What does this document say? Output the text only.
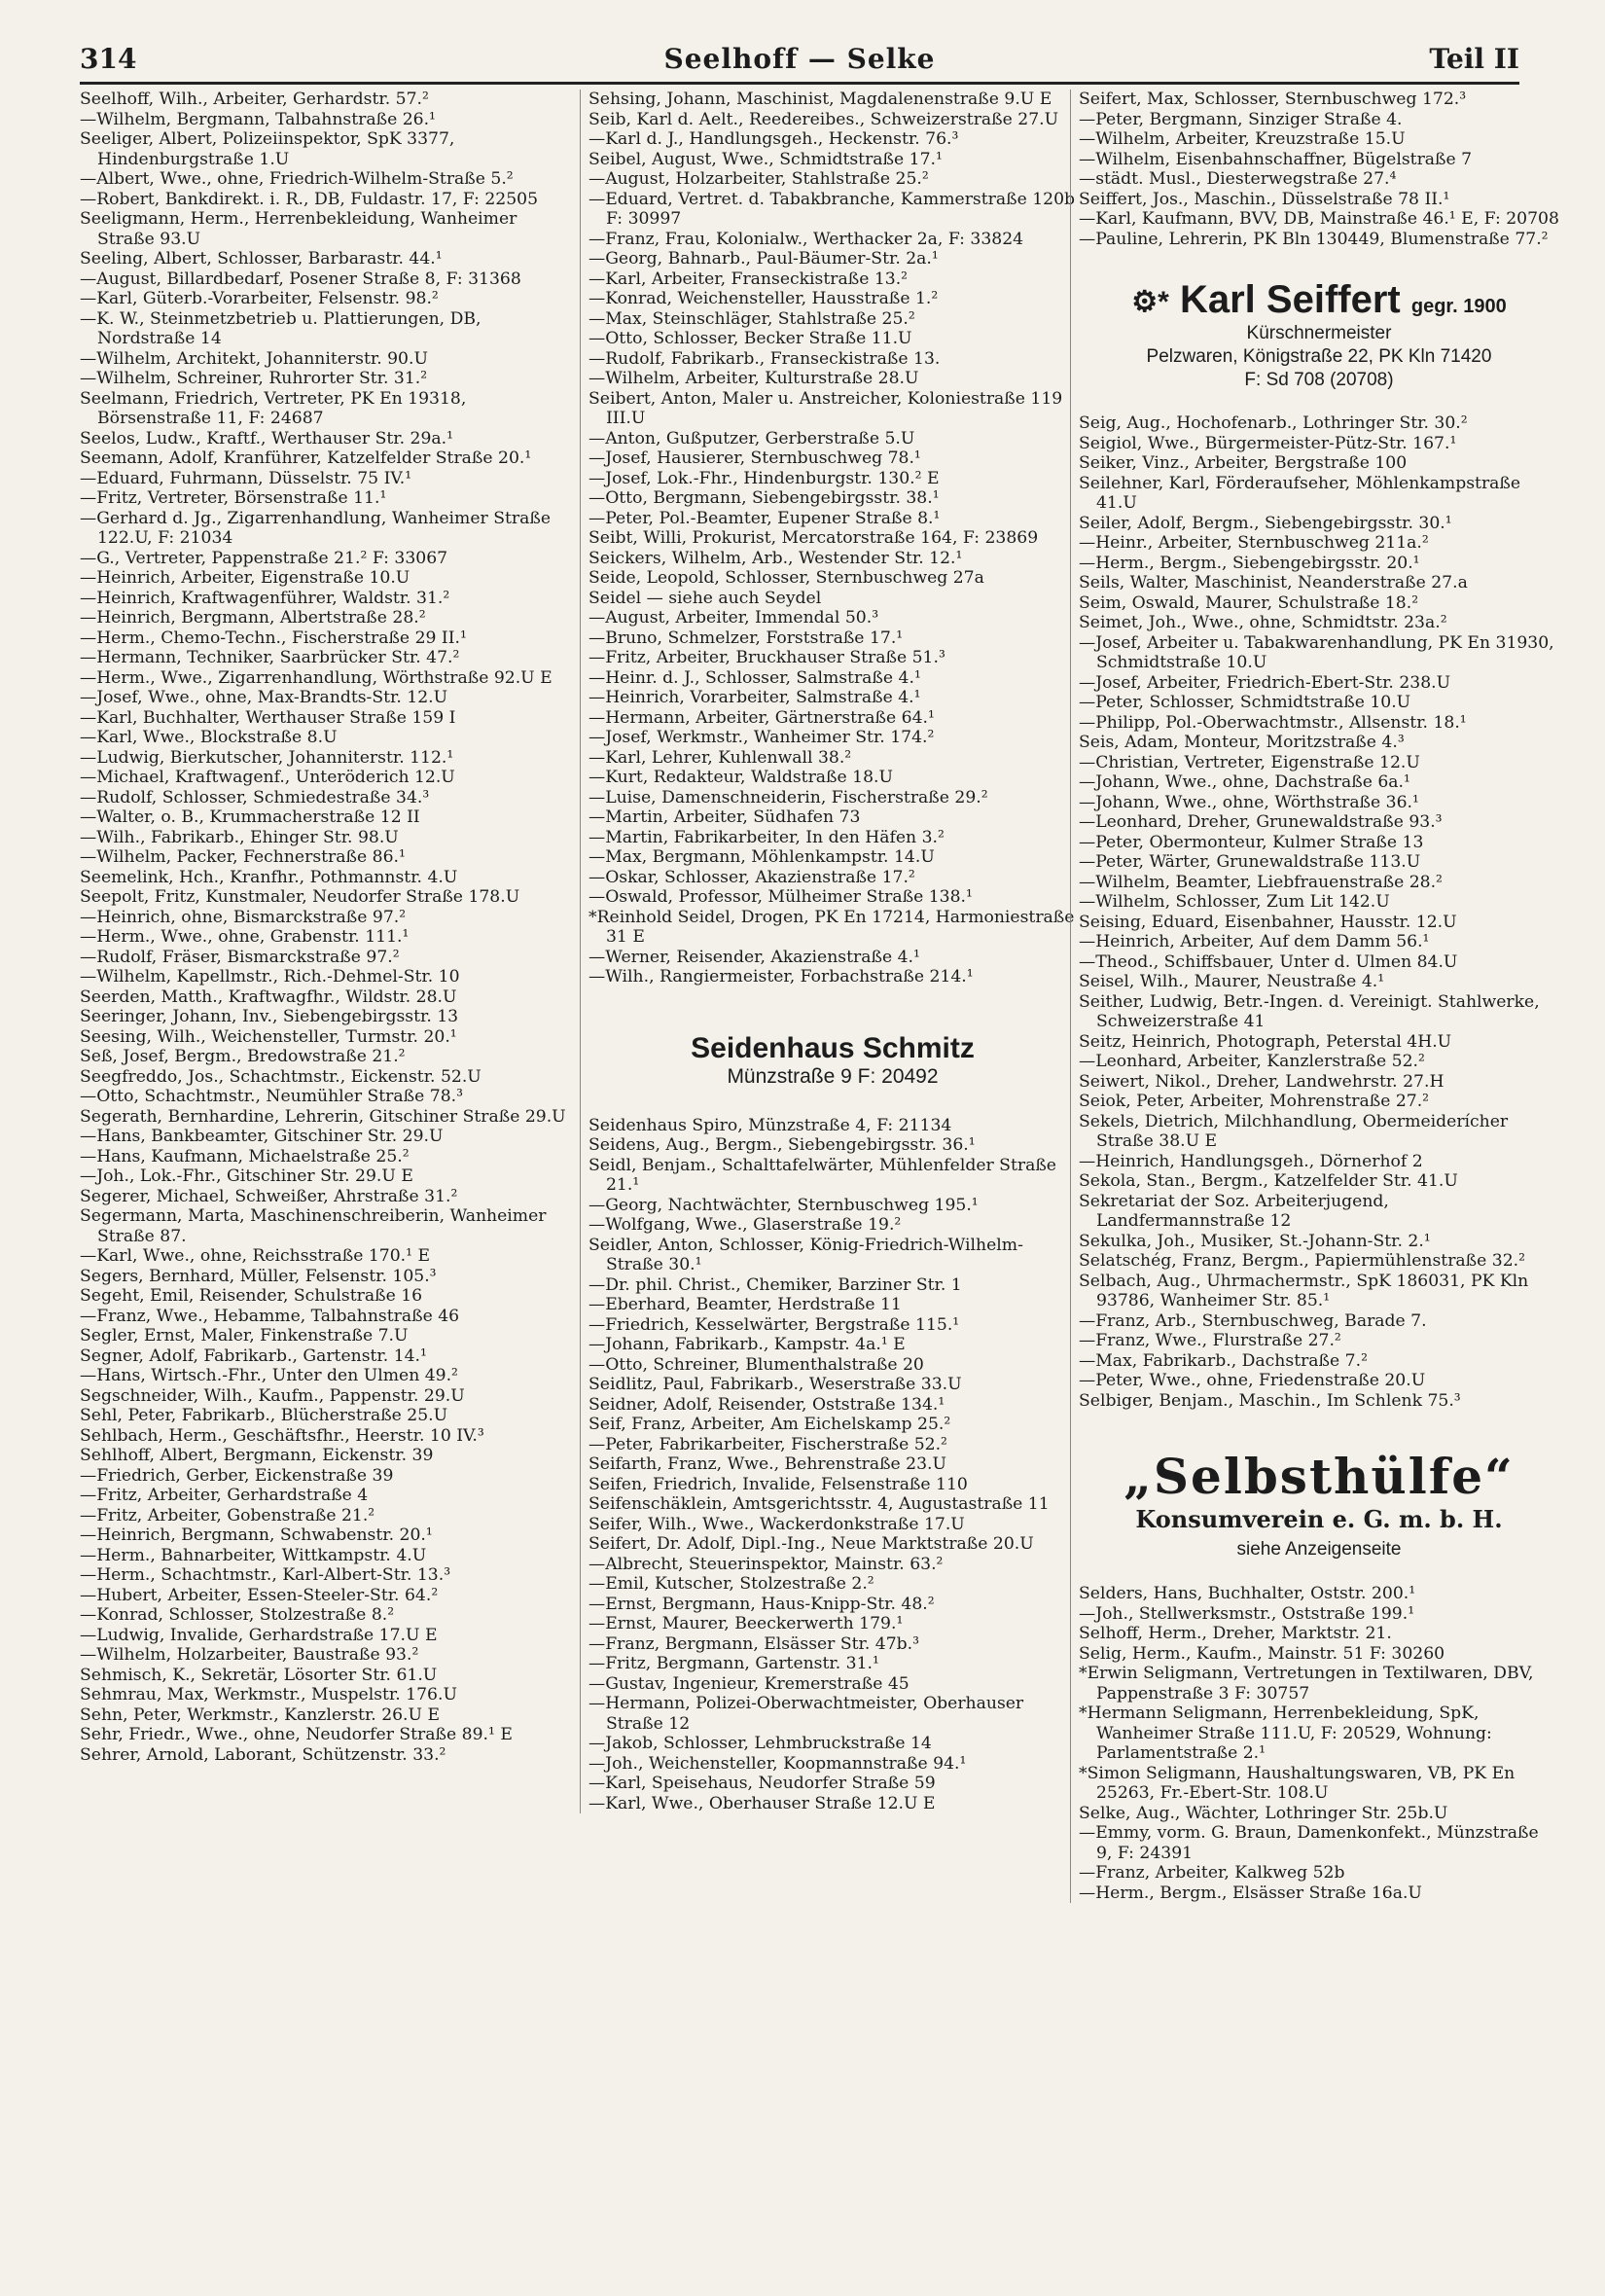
314	Seelhoff — Selke	Teil II

Seelhoff, Wilh., Arbeiter, Gerhardstr. 57.²

—Wilhelm, Bergmann, Talbahnstraße 26.¹

Seeliger, Albert, Polizeiinspektor, SpK 3377, Hindenburgstraße 1.U

—Albert, Wwe., ohne, Friedrich-Wilhelm-Straße 5.²

—Robert, Bankdirekt. i. R., DB, Fuldastr. 17, F: 22505

Seeligmann, Herm., Herrenbekleidung, Wanheimer Straße 93.U

Seeling, Albert, Schlosser, Barbarastr. 44.¹

—August, Billardbedarf, Posener Straße 8, F: 31368

—Karl, Güterb.-Vorarbeiter, Felsenstr. 98.²

—K. W., Steinmetzbetrieb u. Plattierungen, DB, Nordstraße 14

—Wilhelm, Architekt, Johanniterstr. 90.U

—Wilhelm, Schreiner, Ruhrorter Str. 31.²

Seelmann, Friedrich, Vertreter, PK En 19318, Börsenstraße 11, F: 24687

Seelos, Ludw., Kraftf., Werthauser Str. 29a.¹

Seemann, Adolf, Kranführer, Katzelfelder Straße 20.¹

—Eduard, Fuhrmann, Düsselstr. 75 IV.¹

—Fritz, Vertreter, Börsenstraße 11.¹

—Gerhard d. Jg., Zigarrenhandlung, Wanheimer Straße 122.U, F: 21034

—G., Vertreter, Pappenstraße 21.² F: 33067

—Heinrich, Arbeiter, Eigenstraße 10.U

—Heinrich, Kraftwagenführer, Waldstr. 31.²

—Heinrich, Bergmann, Albertstraße 28.²

—Herm., Chemo-Techn., Fischerstraße 29 II.¹

—Hermann, Techniker, Saarbrücker Str. 47.²

—Herm., Wwe., Zigarrenhandlung, Wörthstraße 92.U E

—Josef, Wwe., ohne, Max-Brandts-Str. 12.U

—Karl, Buchhalter, Werthauser Straße 159 I

—Karl, Wwe., Blockstraße 8.U

—Ludwig, Bierkutscher, Johanniterstr. 112.¹

—Michael, Kraftwagenf., Unteröderich 12.U

—Rudolf, Schlosser, Schmiedestraße 34.³

—Walter, o. B., Krummacherstraße 12 II

—Wilh., Fabrikarb., Ehinger Str. 98.U

—Wilhelm, Packer, Fechnerstraße 86.¹

Seemelink, Hch., Kranfhr., Pothmannstr. 4.U

Seepolt, Fritz, Kunstmaler, Neudorfer Straße 178.U

—Heinrich, ohne, Bismarckstraße 97.²

—Herm., Wwe., ohne, Grabenstr. 111.¹

—Rudolf, Fräser, Bismarckstraße 97.²

—Wilhelm, Kapellmstr., Rich.-Dehmel-Str. 10

Seerden, Matth., Kraftwagfhr., Wildstr. 28.U

Seeringer, Johann, Inv., Siebengebirgsstr. 13

Seesing, Wilh., Weichensteller, Turmstr. 20.¹

Seß, Josef, Bergm., Bredowstraße 21.²

Seegfreddo, Jos., Schachtmstr., Eickenstr. 52.U

—Otto, Schachtmstr., Neumühler Straße 78.³

Segerath, Bernhardine, Lehrerin, Gitschiner Straße 29.U

—Hans, Bankbeamter, Gitschiner Str. 29.U

—Hans, Kaufmann, Michaelstraße 25.²

—Joh., Lok.-Fhr., Gitschiner Str. 29.U E

Segerer, Michael, Schweißer, Ahrstraße 31.²

Segermann, Marta, Maschinenschreiberin, Wanheimer Straße 87.

—Karl, Wwe., ohne, Reichsstraße 170.¹ E

Segers, Bernhard, Müller, Felsenstr. 105.³

Segeht, Emil, Reisender, Schulstraße 16

—Franz, Wwe., Hebamme, Talbahnstraße 46

Segler, Ernst, Maler, Finkenstraße 7.U

Segner, Adolf, Fabrikarb., Gartenstr. 14.¹

—Hans, Wirtsch.-Fhr., Unter den Ulmen 49.²

Segschneider, Wilh., Kaufm., Pappenstr. 29.U

Sehl, Peter, Fabrikarb., Blücherstraße 25.U

Sehlbach, Herm., Geschäftsfhr., Heerstr. 10 IV.³

Sehlhoff, Albert, Bergmann, Eickenstr. 39

—Friedrich, Gerber, Eickenstraße 39

—Fritz, Arbeiter, Gerhardstraße 4

—Fritz, Arbeiter, Gobenstraße 21.²

—Heinrich, Bergmann, Schwabenstr. 20.¹

—Herm., Bahnarbeiter, Wittkampstr. 4.U

—Herm., Schachtmstr., Karl-Albert-Str. 13.³

—Hubert, Arbeiter, Essen-Steeler-Str. 64.²

—Konrad, Schlosser, Stolzestraße 8.²

—Ludwig, Invalide, Gerhardstraße 17.U E

—Wilhelm, Holzarbeiter, Baustraße 93.²

Sehmisch, K., Sekretär, Lösorter Str. 61.U

Sehmrau, Max, Werkmstr., Muspelstr. 176.U

Sehn, Peter, Werkmstr., Kanzlerstr. 26.U E

Sehr, Friedr., Wwe., ohne, Neudorfer Straße 89.¹ E

Sehrer, Arnold, Laborant, Schützenstr. 33.²

Sehsing, Johann, Maschinist, Magdalenenstraße 9.U E

Seib, Karl d. Aelt., Reedereibes., Schweizerstraße 27.U

—Karl d. J., Handlungsgeh., Heckenstr. 76.³

Seibel, August, Wwe., Schmidtstraße 17.¹

—August, Holzarbeiter, Stahlstraße 25.²

—Eduard, Vertret. d. Tabakbranche, Kammerstraße 120b F: 30997

—Franz, Frau, Kolonialw., Werthacker 2a, F: 33824

—Georg, Bahnarb., Paul-Bäumer-Str. 2a.¹

—Karl, Arbeiter, Franseckistraße 13.²

—Konrad, Weichensteller, Hausstraße 1.²

—Max, Steinschläger, Stahlstraße 25.²

—Otto, Schlosser, Becker Straße 11.U

—Rudolf, Fabrikarb., Franseckistraße 13.

—Wilhelm, Arbeiter, Kulturstraße 28.U

Seibert, Anton, Maler u. Anstreicher, Koloniestraße 119 III.U

—Anton, Gußputzer, Gerberstraße 5.U

—Josef, Hausierer, Sternbuschweg 78.¹

—Josef, Lok.-Fhr., Hindenburgstr. 130.² E

—Otto, Bergmann, Siebengebirgsstr. 38.¹

—Peter, Pol.-Beamter, Eupener Straße 8.¹

Seibt, Willi, Prokurist, Mercatorstraße 164, F: 23869

Seickers, Wilhelm, Arb., Westender Str. 12.¹

Seide, Leopold, Schlosser, Sternbuschweg 27a

Seidel — siehe auch Seydel

—August, Arbeiter, Immendal 50.³

—Bruno, Schmelzer, Forststraße 17.¹

—Fritz, Arbeiter, Bruckhauser Straße 51.³

—Heinr. d. J., Schlosser, Salmstraße 4.¹

—Heinrich, Vorarbeiter, Salmstraße 4.¹

—Hermann, Arbeiter, Gärtnerstraße 64.¹

—Josef, Werkmstr., Wanheimer Str. 174.²

—Karl, Lehrer, Kuhlenwall 38.²

—Kurt, Redakteur, Waldstraße 18.U

—Luise, Damenschneiderin, Fischerstraße 29.²

—Martin, Arbeiter, Südhafen 73

—Martin, Fabrikarbeiter, In den Häfen 3.²

—Max, Bergmann, Möhlenkampstr. 14.U

—Oskar, Schlosser, Akazienstraße 17.²

—Oswald, Professor, Mülheimer Straße 138.¹

*Reinhold Seidel, Drogen, PK En 17214, Harmoniestraße 31 E

—Werner, Reisender, Akazienstraße 4.¹

—Wilh., Rangiermeister, Forbachstraße 214.¹

Seidenhaus Schmitz
Münzstraße 9 F: 20492

Seidenhaus Spiro, Münzstraße 4, F: 21134

Seidens, Aug., Bergm., Siebengebirgsstr. 36.¹

Seidl, Benjam., Schalttafelwärter, Mühlenfelder Straße 21.¹

—Georg, Nachtwächter, Sternbuschweg 195.¹

—Wolfgang, Wwe., Glaserstraße 19.²

Seidler, Anton, Schlosser, König-Friedrich-Wilhelm-Straße 30.¹

—Dr. phil. Christ., Chemiker, Barziner Str. 1

—Eberhard, Beamter, Herdstraße 11

—Friedrich, Kesselwärter, Bergstraße 115.¹

—Johann, Fabrikarb., Kampstr. 4a.¹ E

—Otto, Schreiner, Blumenthalstraße 20

Seidlitz, Paul, Fabrikarb., Weserstraße 33.U

Seidner, Adolf, Reisender, Oststraße 134.¹

Seif, Franz, Arbeiter, Am Eichelskamp 25.²

—Peter, Fabrikarbeiter, Fischerstraße 52.²

Seifarth, Franz, Wwe., Behrenstraße 23.U

Seifen, Friedrich, Invalide, Felsenstraße 110

Seifenschäklein, Amtsgerichtsstr. 4, Augustastraße 11

Seifer, Wilh., Wwe., Wackerdonkstraße 17.U

Seifert, Dr. Adolf, Dipl.-Ing., Neue Marktstraße 20.U

—Albrecht, Steuerinspektor, Mainstr. 63.²

—Emil, Kutscher, Stolzestraße 2.²

—Ernst, Bergmann, Haus-Knipp-Str. 48.²

—Ernst, Maurer, Beeckerwerth 179.¹

—Franz, Bergmann, Elsässer Str. 47b.³

—Fritz, Bergmann, Gartenstr. 31.¹

—Gustav, Ingenieur, Kremerstraße 45

—Hermann, Polizei-Oberwachtmeister, Oberhauser Straße 12

—Jakob, Schlosser, Lehmbruckstraße 14

—Joh., Weichensteller, Koopmannstraße 94.¹

—Karl, Speisehaus, Neudorfer Straße 59

—Karl, Wwe., Oberhauser Straße 12.U E

Seifert, Max, Schlosser, Sternbuschweg 172.³

—Peter, Bergmann, Sinziger Straße 4.

—Wilhelm, Arbeiter, Kreuzstraße 15.U

—Wilhelm, Eisenbahnschaffner, Bügelstraße 7

—städt. Musl., Diesterwegstraße 27.⁴

Seiffert, Jos., Maschin., Düsselstraße 78 II.¹

—Karl, Kaufmann, BVV, DB, Mainstraße 46.¹ E, F: 20708

—Pauline, Lehrerin, PK Bln 130449, Blumenstraße 77.²

⚙* Karl Seiffert gegr. 1900
Kürschnermeister
Pelzwaren, Königstraße 22, PK Kln 71420
F: Sd 708 (20708)

Seig, Aug., Hochofenarb., Lothringer Str. 30.²

Seigiol, Wwe., Bürgermeister-Pütz-Str. 167.¹

Seiker, Vinz., Arbeiter, Bergstraße 100

Seilehner, Karl, Förderaufseher, Möhlenkampstraße 41.U

Seiler, Adolf, Bergm., Siebengebirgsstr. 30.¹

—Heinr., Arbeiter, Sternbuschweg 211a.²

—Herm., Bergm., Siebengebirgsstr. 20.¹

Seils, Walter, Maschinist, Neanderstraße 27.a

Seim, Oswald, Maurer, Schulstraße 18.²

Seimet, Joh., Wwe., ohne, Schmidtstr. 23a.²

—Josef, Arbeiter u. Tabakwarenhandlung, PK En 31930, Schmidtstraße 10.U

—Josef, Arbeiter, Friedrich-Ebert-Str. 238.U

—Peter, Schlosser, Schmidtstraße 10.U

—Philipp, Pol.-Oberwachtmstr., Allsenstr. 18.¹

Seis, Adam, Monteur, Moritzstraße 4.³

—Christian, Vertreter, Eigenstraße 12.U

—Johann, Wwe., ohne, Dachstraße 6a.¹

—Johann, Wwe., ohne, Wörthstraße 36.¹

—Leonhard, Dreher, Grunewaldstraße 93.³

—Peter, Obermonteur, Kulmer Straße 13

—Peter, Wärter, Grunewaldstraße 113.U

—Wilhelm, Beamter, Liebfrauenstraße 28.²

—Wilhelm, Schlosser, Zum Lit 142.U

Seising, Eduard, Eisenbahner, Hausstr. 12.U

—Heinrich, Arbeiter, Auf dem Damm 56.¹

—Theod., Schiffsbauer, Unter d. Ulmen 84.U

Seisel, Wilh., Maurer, Neustraße 4.¹

Seither, Ludwig, Betr.-Ingen. d. Vereinigt. Stahlwerke, Schweizerstraße 41

Seitz, Heinrich, Photograph, Peterstal 4H.U

—Leonhard, Arbeiter, Kanzlerstraße 52.²

Seiwert, Nikol., Dreher, Landwehrstr. 27.H

Seiok, Peter, Arbeiter, Mohrenstraße 27.²

Sekels, Dietrich, Milchhandlung, Obermeiderícher Straße 38.U E

—Heinrich, Handlungsgeh., Dörnerhof 2

Sekola, Stan., Bergm., Katzelfelder Str. 41.U

Sekretariat der Soz. Arbeiterjugend, Landfermannstraße 12

Sekulka, Joh., Musiker, St.-Johann-Str. 2.¹

Selatschég, Franz, Bergm., Papiermühlenstraße 32.²

Selbach, Aug., Uhrmachermstr., SpK 186031, PK Kln 93786, Wanheimer Str. 85.¹

—Franz, Arb., Sternbuschweg, Barade 7.

—Franz, Wwe., Flurstraße 27.²

—Max, Fabrikarb., Dachstraße 7.²

—Peter, Wwe., ohne, Friedenstraße 20.U

Selbiger, Benjam., Maschin., Im Schlenk 75.³

„Selbsthülfe“
Konsumverein e. G. m. b. H.
siehe Anzeigenseite

Selders, Hans, Buchhalter, Oststr. 200.¹

—Joh., Stellwerksmstr., Oststraße 199.¹

Selhoff, Herm., Dreher, Marktstr. 21.

Selig, Herm., Kaufm., Mainstr. 51 F: 30260

*Erwin Seligmann, Vertretungen in Textilwaren, DBV, Pappenstraße 3 F: 30757

*Hermann Seligmann, Herrenbekleidung, SpK, Wanheimer Straße 111.U, F: 20529, Wohnung: Parlamentstraße 2.¹

*Simon Seligmann, Haushaltungswaren, VB, PK En 25263, Fr.-Ebert-Str. 108.U

Selke, Aug., Wächter, Lothringer Str. 25b.U

—Emmy, vorm. G. Braun, Damenkonfekt., Münzstraße 9, F: 24391

—Franz, Arbeiter, Kalkweg 52b

—Herm., Bergm., Elsässer Straße 16a.U
